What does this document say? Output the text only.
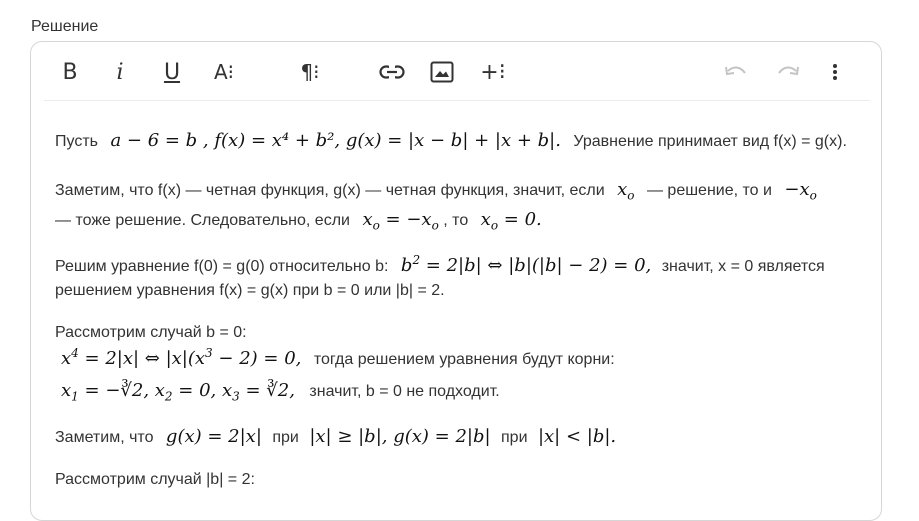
Решение
B i U A⁝	¶⁝	+⁝
Пусть a − 6 = b , f(x) = x⁴ + b², g(x) = |x − b| + |x + b|. Уравнение принимает вид f(x) = g(x).
Заметим, что f(x) — четная функция, g(x) — четная функция, значит, если $x_o$ — решение, то $и -x_o$
— тоже решение. Следовательно, если $x_o = -x_o$ , то $x_o = 0$.
Решим уравнение f(0) = g(0) относительно b: $b^2 = 2|b|$ ⇔ |b|(|b| − 2) = 0, значит, x = 0 является
решением уравнения f(x) = g(x) при b = 0 или |b| = 2.
Рассмотрим случай b = 0:
$x^4 = 2|x|$ ⇔ $|x|(x^3 - 2) = 0$, тогда решением уравнения будут корни:
$x_1$ = −∛2, $x_2 = 0$, $x_3$ = ∛2, значит, b = 0 не подходит.
Заметим, что g(x) = 2|x| при |x| ≥ |b|, g(x) = 2|b| при |x| < |b|.
Рассмотрим случай |b| = 2:
